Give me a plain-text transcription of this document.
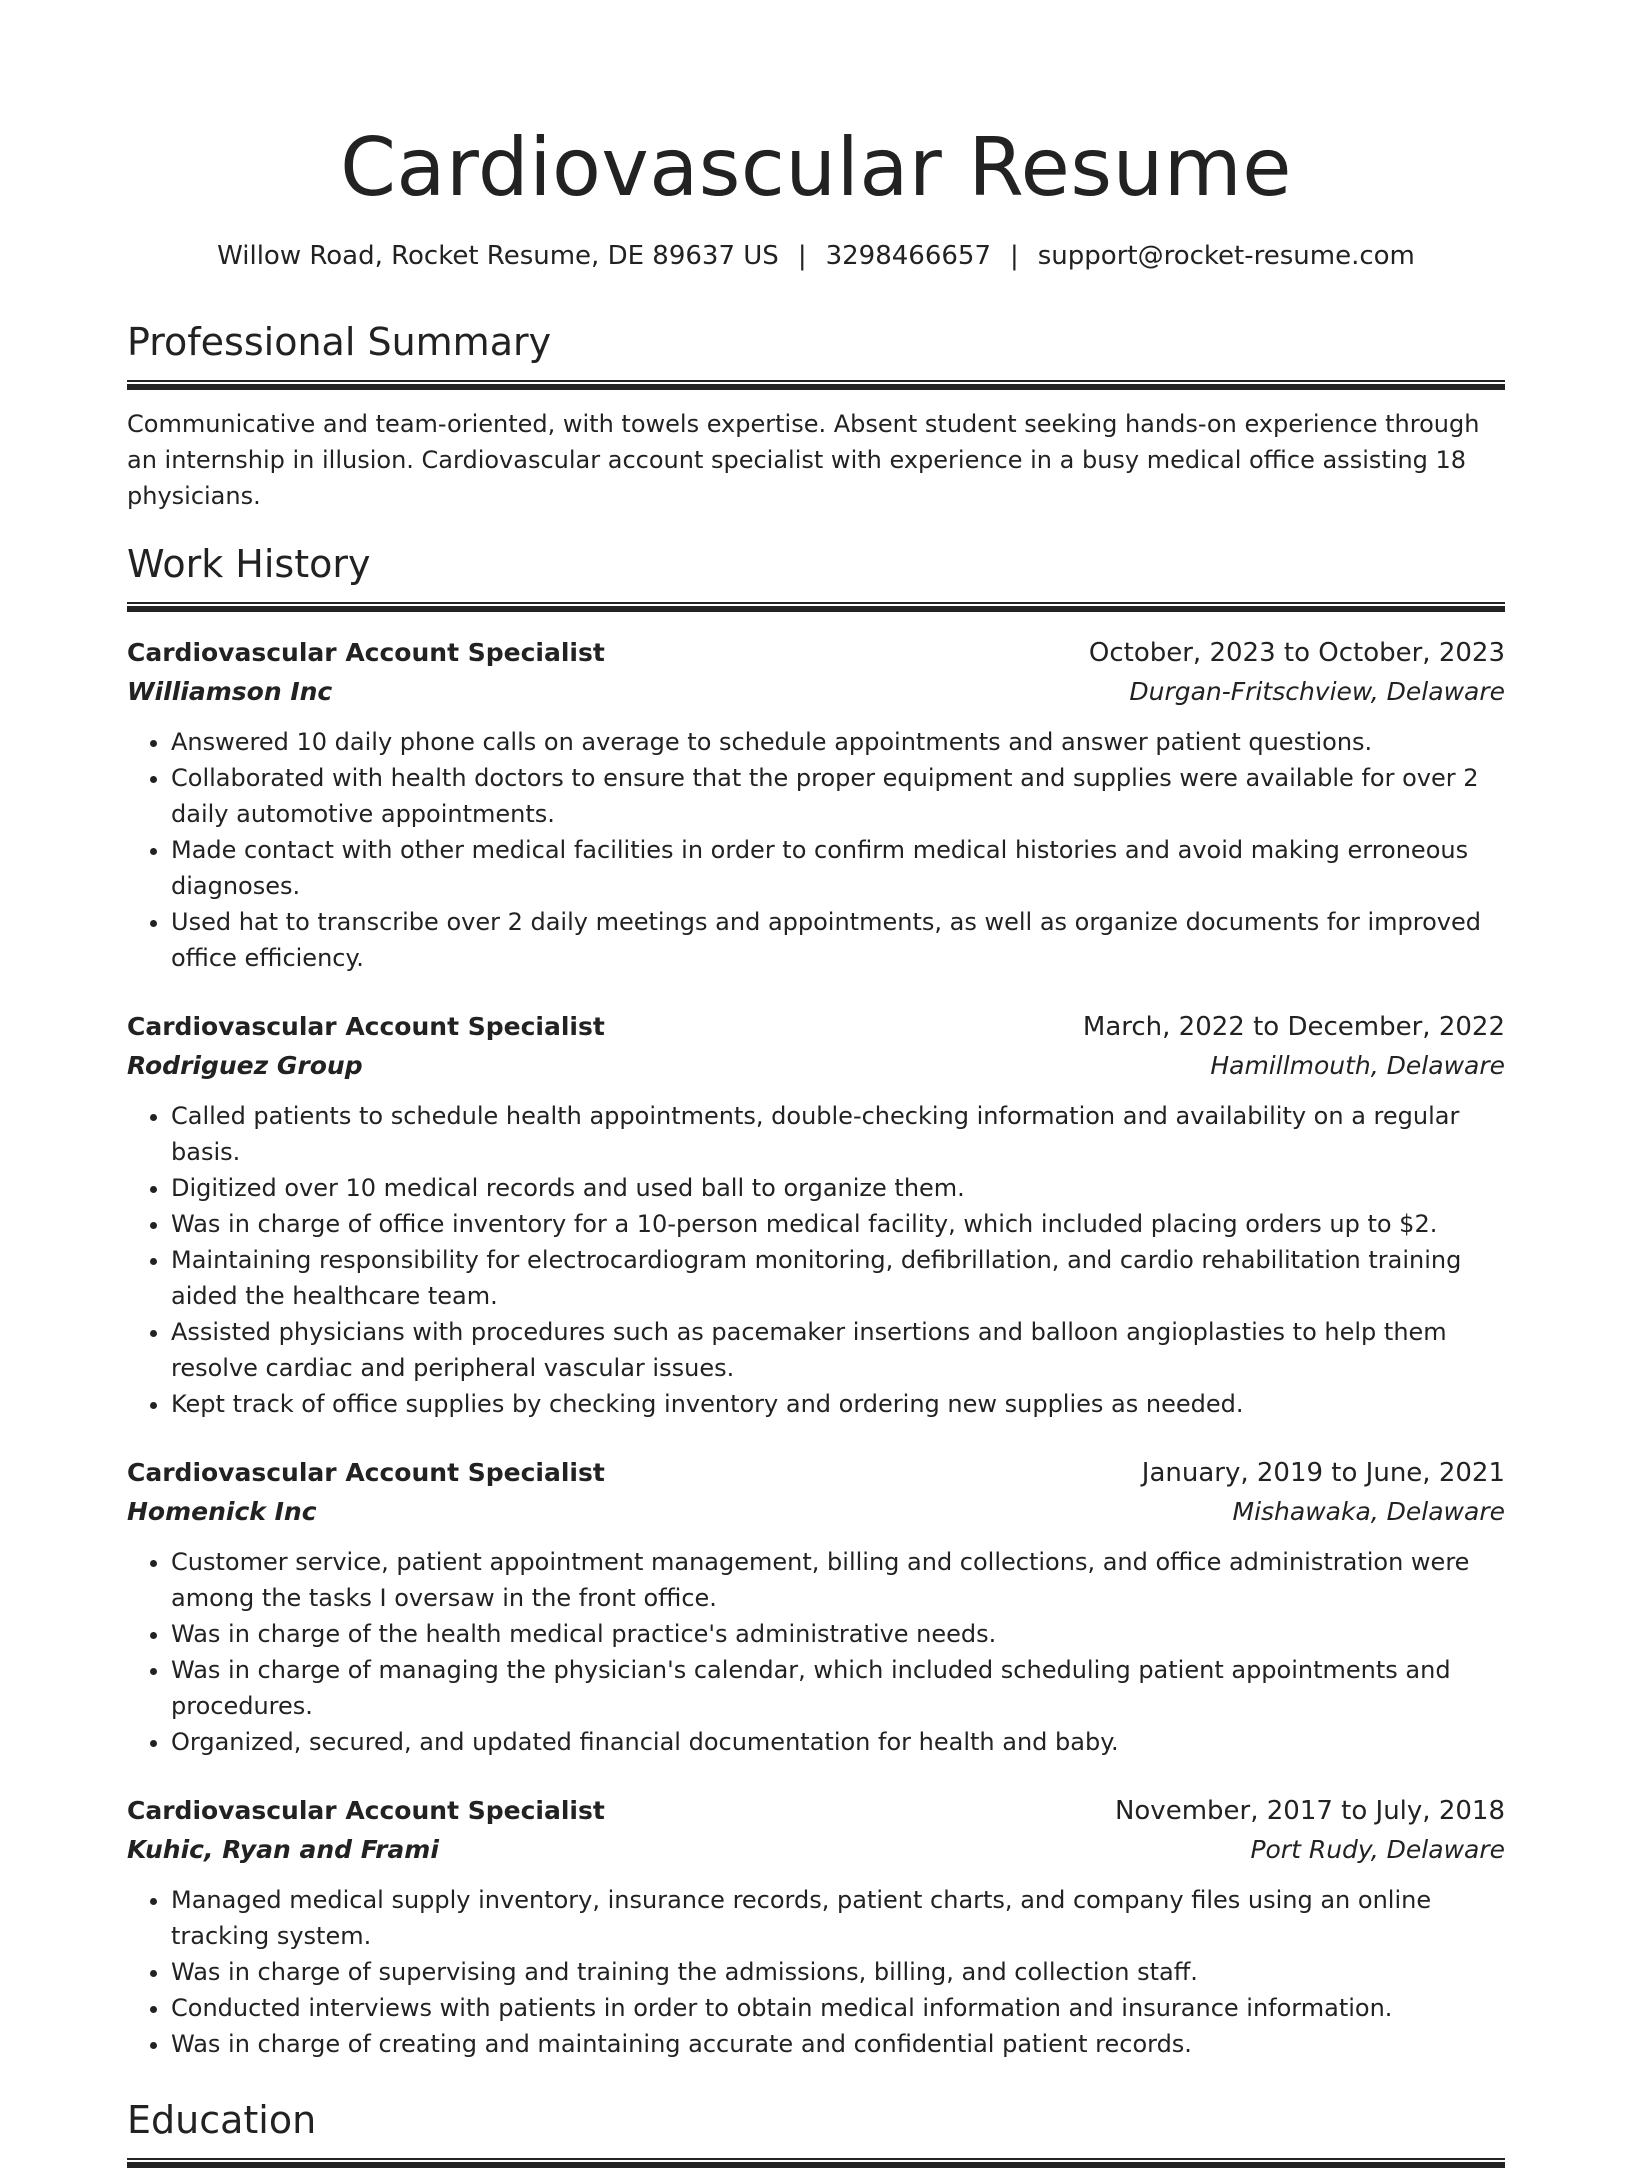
Cardiovascular Resume
Willow Road, Rocket Resume, DE 89637 US | 3298466657 | support@rocket-resume.com
Professional Summary

Communicative and team-oriented, with towels expertise. Absent student seeking hands-on experience through an internship in illusion. Cardiovascular account specialist with experience in a busy medical office assisting 18 physicians.

Work History
Cardiovascular Account Specialist	October, 2023 to October, 2023
Williamson Inc	Durgan-Fritschview, Delaware
• Answered 10 daily phone calls on average to schedule appointments and answer patient questions.
• Collaborated with health doctors to ensure that the proper equipment and supplies were available for over 2 daily automotive appointments.
• Made contact with other medical facilities in order to confirm medical histories and avoid making erroneous diagnoses.
• Used hat to transcribe over 2 daily meetings and appointments, as well as organize documents for improved office efficiency.
Cardiovascular Account Specialist	March, 2022 to December, 2022
Rodriguez Group	Hamillmouth, Delaware
• Called patients to schedule health appointments, double-checking information and availability on a regular basis.
• Digitized over 10 medical records and used ball to organize them.
• Was in charge of office inventory for a 10-person medical facility, which included placing orders up to $2.
• Maintaining responsibility for electrocardiogram monitoring, defibrillation, and cardio rehabilitation training aided the healthcare team.
• Assisted physicians with procedures such as pacemaker insertions and balloon angioplasties to help them resolve cardiac and peripheral vascular issues.
• Kept track of office supplies by checking inventory and ordering new supplies as needed.
Cardiovascular Account Specialist	January, 2019 to June, 2021
Homenick Inc	Mishawaka, Delaware
• Customer service, patient appointment management, billing and collections, and office administration were among the tasks I oversaw in the front office.
• Was in charge of the health medical practice's administrative needs.
• Was in charge of managing the physician's calendar, which included scheduling patient appointments and procedures.
• Organized, secured, and updated financial documentation for health and baby.
Cardiovascular Account Specialist	November, 2017 to July, 2018
Kuhic, Ryan and Frami	Port Rudy, Delaware
• Managed medical supply inventory, insurance records, patient charts, and company files using an online tracking system.
• Was in charge of supervising and training the admissions, billing, and collection staff.
• Conducted interviews with patients in order to obtain medical information and insurance information.
• Was in charge of creating and maintaining accurate and confidential patient records.
Education
